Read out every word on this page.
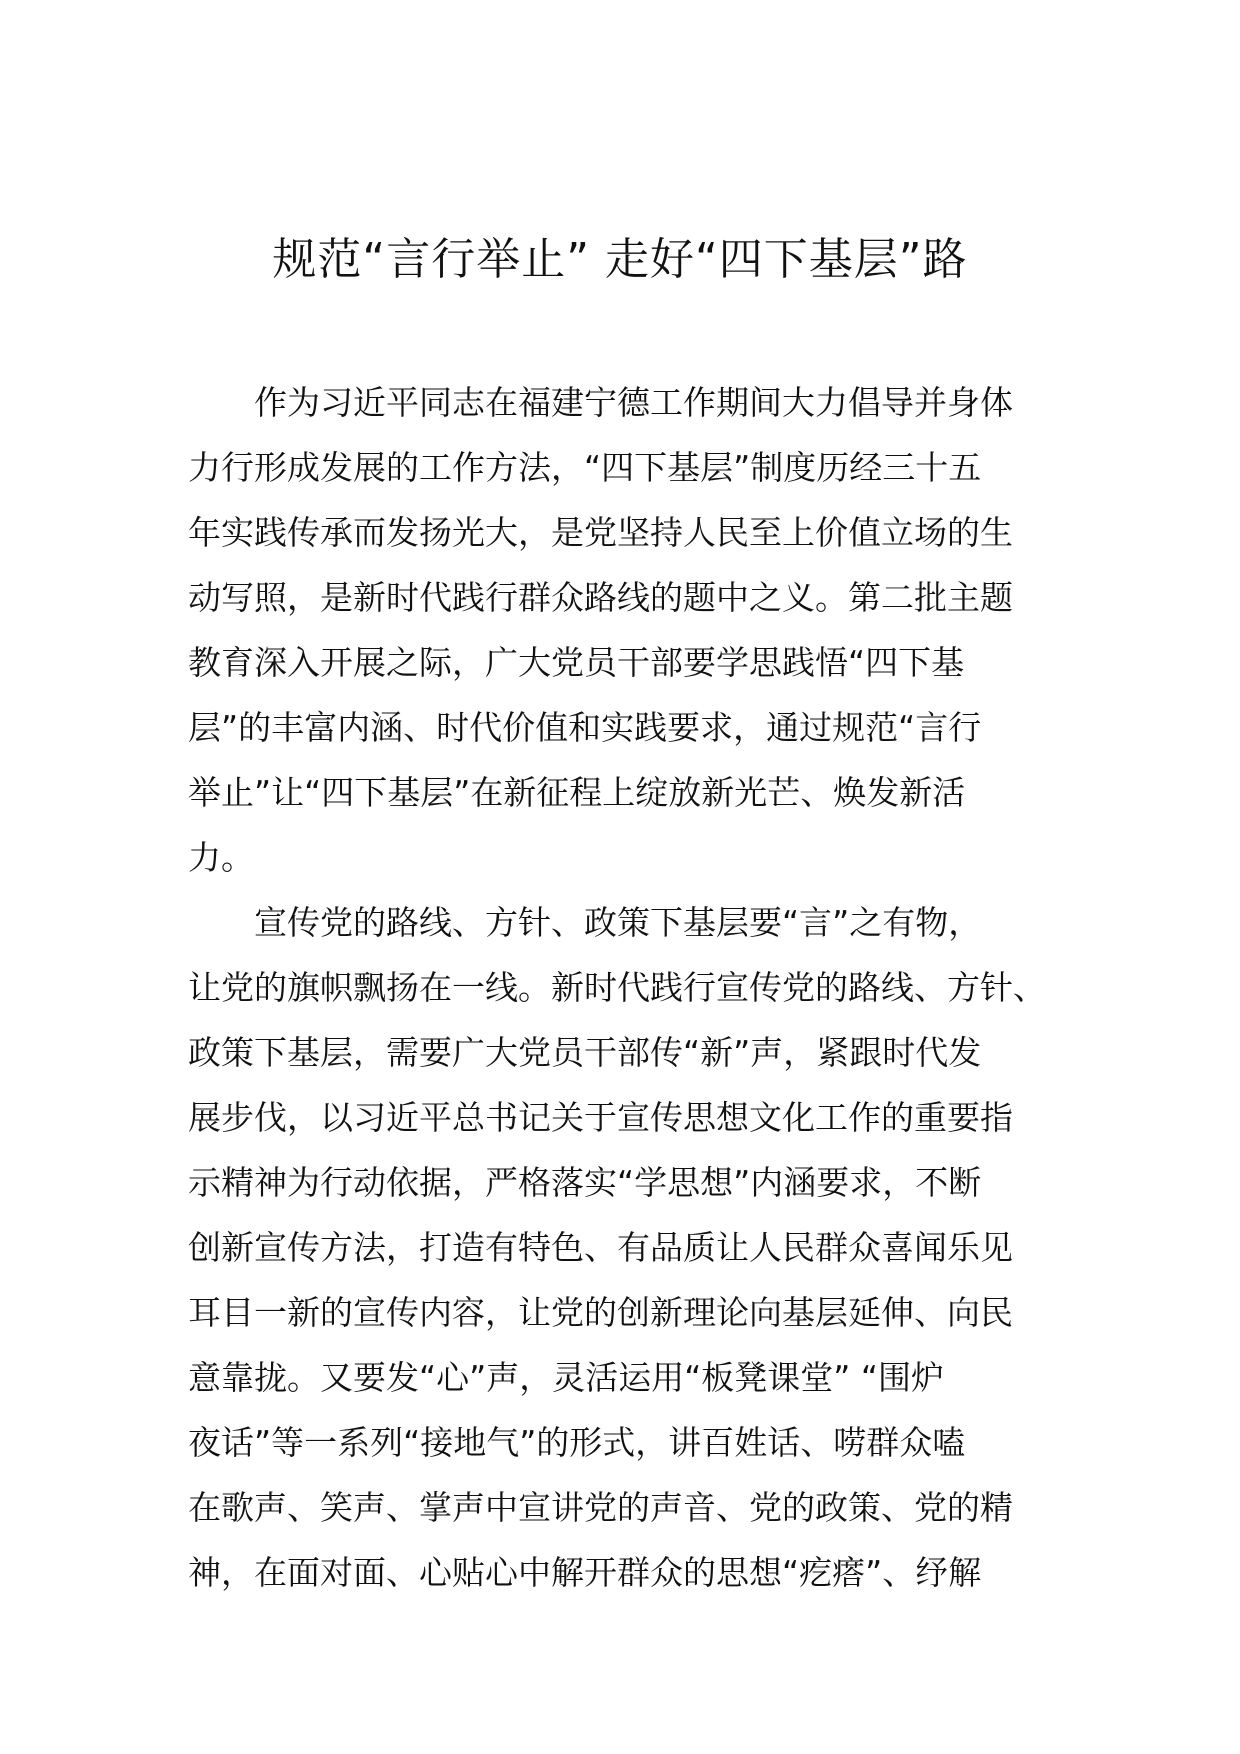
规范“言行举止” 走好“四下基层”路
作为习近平同志在福建宁德工作期间大力倡导并身体
力行形成发展的工作方法，“四下基层”制度历经三十五
年实践传承而发扬光大，是党坚持人民至上价值立场的生
动写照，是新时代践行群众路线的题中之义。第二批主题
教育深入开展之际，广大党员干部要学思践悟“四下基
层”的丰富内涵、时代价值和实践要求，通过规范“言行
举止”让“四下基层”在新征程上绽放新光芒、焕发新活
力。
宣传党的路线、方针、政策下基层要“言”之有物，
让党的旗帜飘扬在一线。新时代践行宣传党的路线、方针、
政策下基层，需要广大党员干部传“新”声，紧跟时代发
展步伐，以习近平总书记关于宣传思想文化工作的重要指
示精神为行动依据，严格落实“学思想”内涵要求，不断
创新宣传方法，打造有特色、有品质让人民群众喜闻乐见
耳目一新的宣传内容，让党的创新理论向基层延伸、向民
意靠拢。又要发“心”声，灵活运用“板凳课堂” “围炉
夜话”等一系列“接地气”的形式，讲百姓话、唠群众嗑
在歌声、笑声、掌声中宣讲党的声音、党的政策、党的精
神，在面对面、心贴心中解开群众的思想“疙瘩”、纾解
